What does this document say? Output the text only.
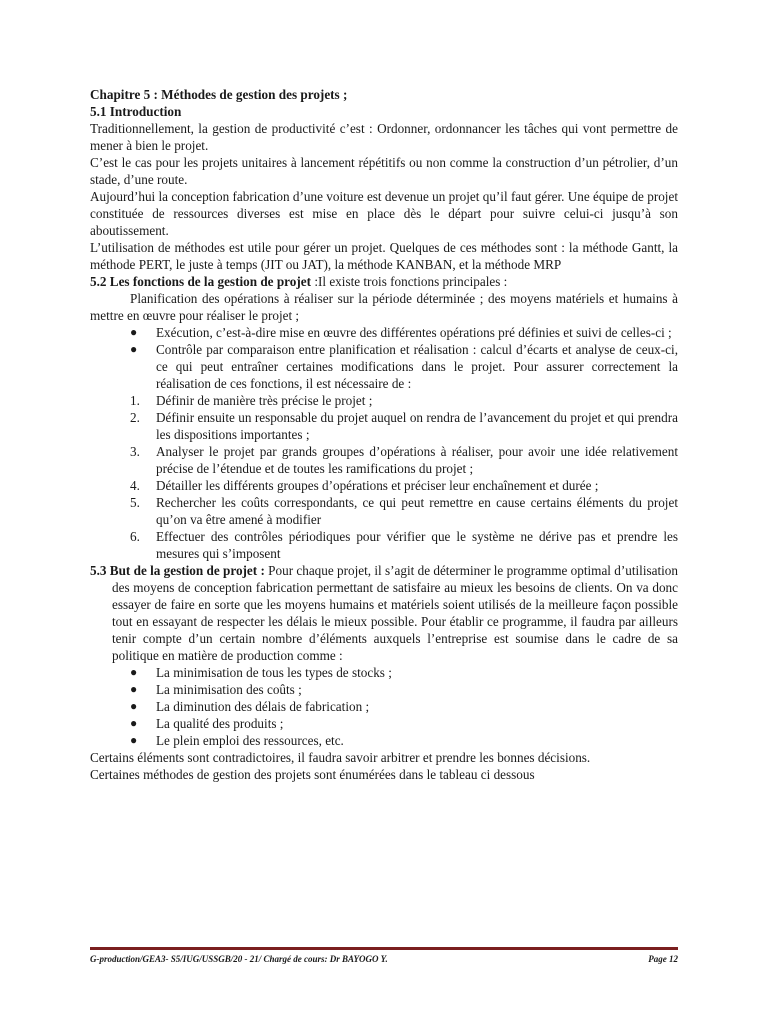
Chapitre 5 : Méthodes de gestion des projets ;

5.1 Introduction

Traditionnellement, la gestion de productivité c’est : Ordonner, ordonnancer les tâches qui vont permettre de mener à bien le projet.

C’est le cas pour les projets unitaires à lancement répétitifs ou non comme la construction d’un pétrolier, d’un stade, d’une route.

Aujourd’hui la conception fabrication d’une voiture est devenue un projet qu’il faut gérer. Une équipe de projet constituée de ressources diverses est mise en place dès le départ pour suivre celui-ci jusqu’à son aboutissement.

L’utilisation de méthodes est utile pour gérer un projet. Quelques de ces méthodes sont : la méthode Gantt, la méthode PERT, le juste à temps (JIT ou JAT), la méthode KANBAN, et la méthode MRP

5.2 Les fonctions de la gestion de projet :Il existe trois fonctions principales :

Planification des opérations à réaliser sur la période déterminée ; des moyens matériels et humains à mettre en œuvre pour réaliser le projet ;

● Exécution, c’est-à-dire mise en œuvre des différentes opérations pré définies et suivi de celles-ci ;
● Contrôle par comparaison entre planification et réalisation : calcul d’écarts et analyse de ceux-ci, ce qui peut entraîner certaines modifications dans le projet. Pour assurer correctement la réalisation de ces fonctions, il est nécessaire de :
1.	Définir de manière très précise le projet ;
2.	Définir ensuite un responsable du projet auquel on rendra de l’avancement du projet et qui prendra les dispositions importantes ;
3.	Analyser le projet par grands groupes d’opérations à réaliser, pour avoir une idée relativement précise de l’étendue et de toutes les ramifications du projet ;
4.	Détailler les différents groupes d’opérations et préciser leur enchaînement et durée ;
5.	Rechercher les coûts correspondants, ce qui peut remettre en cause certains éléments du projet qu’on va être amené à modifier
6.	Effectuer des contrôles périodiques pour vérifier que le système ne dérive pas et prendre les mesures qui s’imposent

5.3 But de la gestion de projet : Pour chaque projet, il s’agit de déterminer le programme optimal d’utilisation des moyens de conception fabrication permettant de satisfaire au mieux les besoins de clients. On va donc essayer de faire en sorte que les moyens humains et matériels soient utilisés de la meilleure façon possible tout en essayant de respecter les délais le mieux possible. Pour établir ce programme, il faudra par ailleurs tenir compte d’un certain nombre d’éléments auxquels l’entreprise est soumise dans le cadre de sa politique en matière de production comme :

● La minimisation de tous les types de stocks ;
● La minimisation des coûts ;
● La diminution des délais de fabrication ;
● La qualité des produits ;
● Le plein emploi des ressources, etc.

Certains éléments sont contradictoires, il faudra savoir arbitrer et prendre les bonnes décisions.

Certaines méthodes de gestion des projets sont énumérées dans le tableau ci dessous

G-production/GEA3- S5/IUG/USSGB/20 - 21/ Chargé de cours: Dr BAYOGO Y.	Page 12
